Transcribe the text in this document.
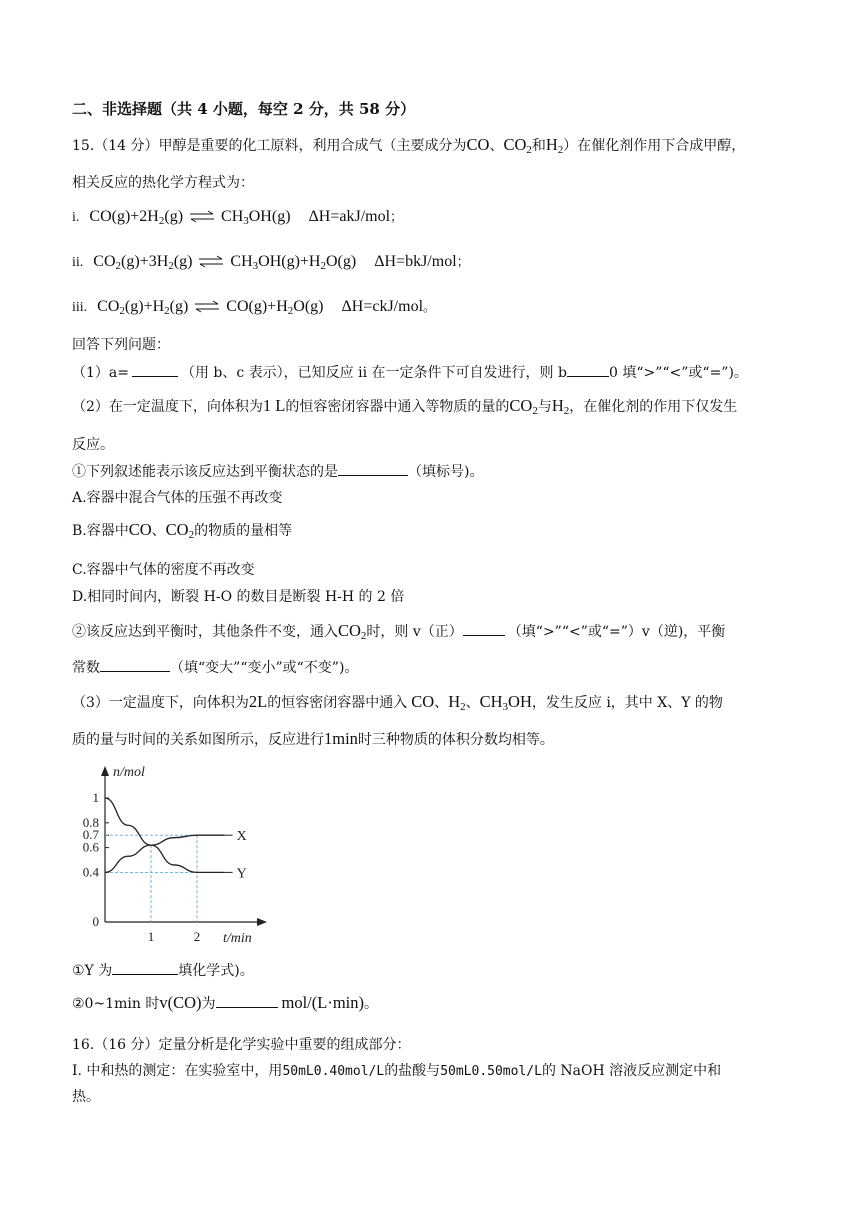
二、非选择题（共 4 小题，每空 2 分，共 58 分）
15.（14 分）甲醇是重要的化工原料，利用合成气（主要成分为CO、$CO_2$和$H_2$）在催化剂作用下合成甲醇，
相关反应的热化学方程式为：
i. $CO(g)+2H_2(g)$ ⇌ $CH_3OH(g)$ ΔH=akJ/mol；
ii. $CO_2(g)+3H_2(g)$ ⇌ $CH_3OH(g)+H_2O(g)$ ΔH=bkJ/mol；
iii. $CO_2(g)+H_2(g)$ ⇌ $CO(g)+H_2O(g)$ ΔH=ckJ/mol。
回答下列问题：
（1）a=	（用 b、c 表示），已知反应 ii 在一定条件下可自发进行，则 b	0 填“>”“<”或“=”)。
（2）在一定温度下，向体积为1 L的恒容密闭容器中通入等物质的量的$CO_2$与$H_2$，在催化剂的作用下仅发生
反应。
①下列叙述能表示该反应达到平衡状态的是	（填标号)。
A.容器中混合气体的压强不再改变
B.容器中CO、$CO_2$的物质的量相等
C.容器中气体的密度不再改变
D.相同时间内，断裂 H-O 的数目是断裂 H-H 的 2 倍
②该反应达到平衡时，其他条件不变，通入$CO_2$时，则 v（正）	（填“>”“<”或“=”）v（逆)，平衡
常数	（填“变大”“变小”或“不变”)。
（3）一定温度下，向体积为2L的恒容密闭容器中通入 CO、$H_2$、$CH_3OH$，发生反应 i，其中 X、Y 的物
质的量与时间的关系如图所示，反应进行1min时三种物质的体积分数均相等。
n/mol
t/min
0
0.4
0.6
0.7
0.8
1
1	2
X
Y
①Y 为	填化学式)。
②0~1min 时v(CO)为	mol/(L·min)。
16.（16 分）定量分析是化学实验中重要的组成部分：
I. 中和热的测定：在实验室中，用50mL0.40mol/L的盐酸与50mL0.50mol/L的 NaOH 溶液反应测定中和
热。
